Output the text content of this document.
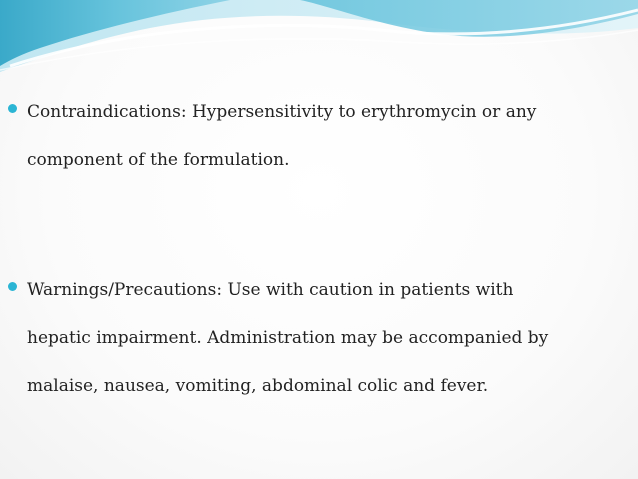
Contraindications: Hypersensitivity to erythromycin or any
component of the formulation.
Warnings/Precautions: Use with caution in patients with
hepatic impairment. Administration may be accompanied by
malaise, nausea, vomiting, abdominal colic and fever.
